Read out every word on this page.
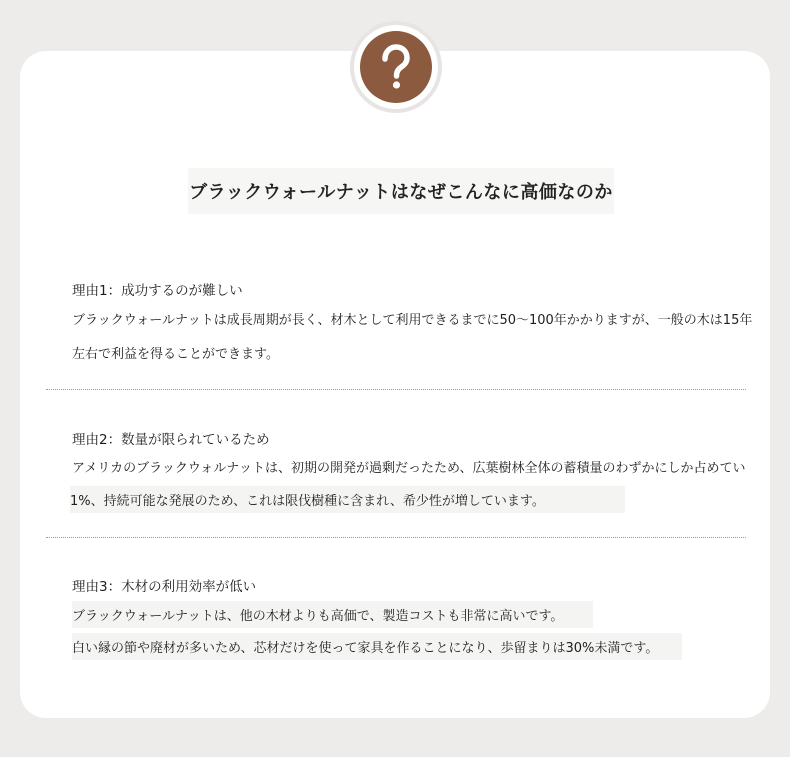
ブラックウォールナットはなぜこんなに高価なのか
理由1：成功するのが難しい
ブラックウォールナットは成長周期が長く、材木として利用できるまでに50〜100年かかりますが、一般の木は15年
左右で利益を得ることができます。
理由2：数量が限られているため
アメリカのブラックウォルナットは、初期の開発が過剰だったため、広葉樹林全体の蓄積量のわずかにしか占めてい
1%、持続可能な発展のため、これは限伐樹種に含まれ、希少性が増しています。
理由3：木材の利用効率が低い
ブラックウォールナットは、他の木材よりも高価で、製造コストも非常に高いです。
白い縁の節や廃材が多いため、芯材だけを使って家具を作ることになり、歩留まりは30%未満です。
